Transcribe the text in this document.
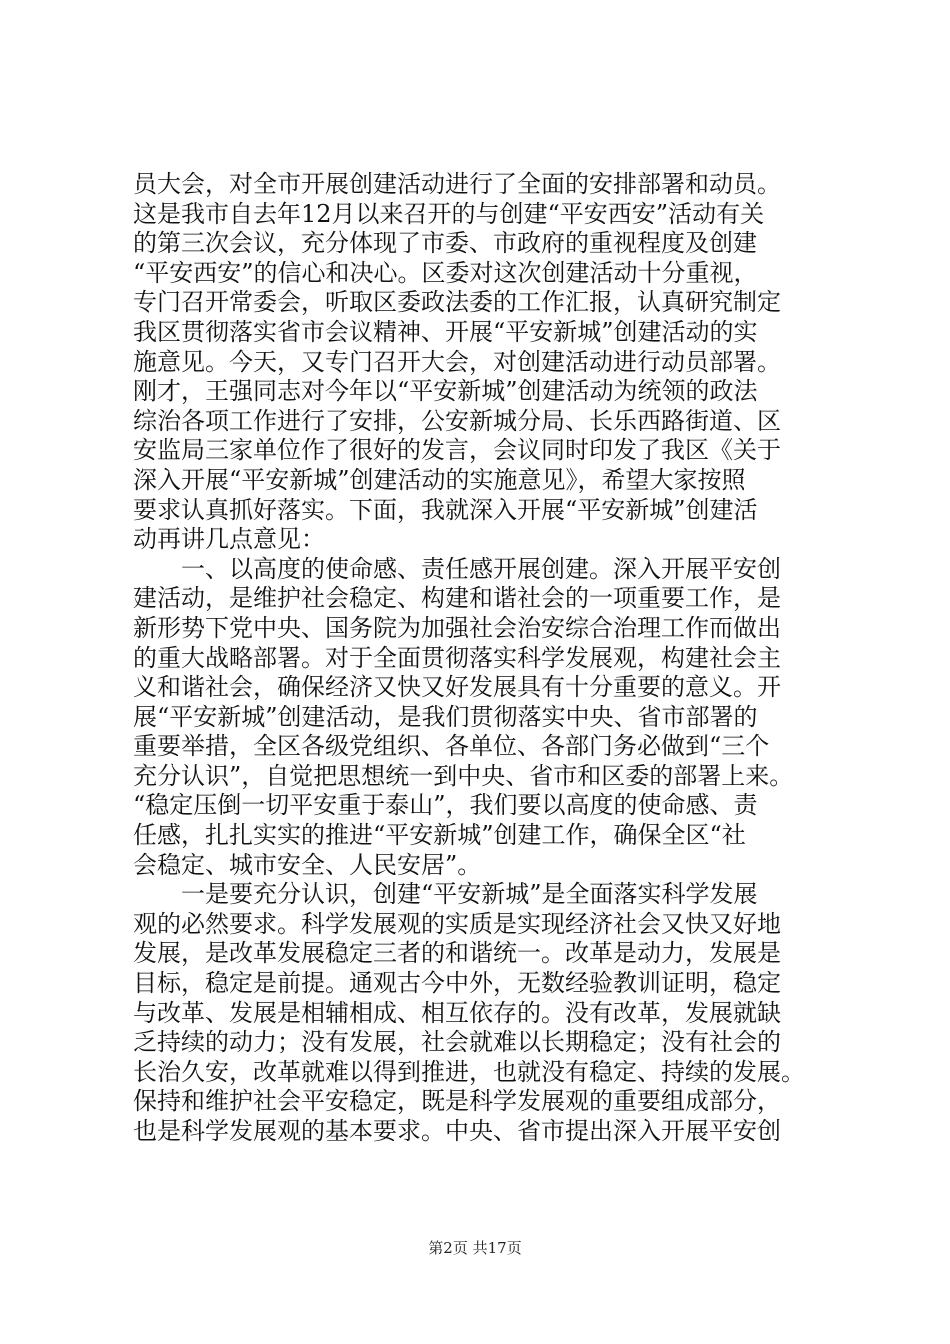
员大会，对全市开展创建活动进行了全面的安排部署和动员。
这是我市自去年12月以来召开的与创建“平安西安”活动有关
的第三次会议，充分体现了市委、市政府的重视程度及创建
“平安西安”的信心和决心。区委对这次创建活动十分重视，
专门召开常委会，听取区委政法委的工作汇报，认真研究制定
我区贯彻落实省市会议精神、开展“平安新城”创建活动的实
施意见。今天，又专门召开大会，对创建活动进行动员部署。
刚才，王强同志对今年以“平安新城”创建活动为统领的政法
综治各项工作进行了安排，公安新城分局、长乐西路街道、区
安监局三家单位作了很好的发言，会议同时印发了我区《关于
深入开展“平安新城”创建活动的实施意见》，希望大家按照
要求认真抓好落实。下面，我就深入开展“平安新城”创建活
动再讲几点意见：
　　一、以高度的使命感、责任感开展创建。深入开展平安创
建活动，是维护社会稳定、构建和谐社会的一项重要工作，是
新形势下党中央、国务院为加强社会治安综合治理工作而做出
的重大战略部署。对于全面贯彻落实科学发展观，构建社会主
义和谐社会，确保经济又快又好发展具有十分重要的意义。开
展“平安新城”创建活动，是我们贯彻落实中央、省市部署的
重要举措，全区各级党组织、各单位、各部门务必做到“三个
充分认识”，自觉把思想统一到中央、省市和区委的部署上来。
“稳定压倒一切平安重于泰山”，我们要以高度的使命感、责
任感，扎扎实实的推进“平安新城”创建工作，确保全区“社
会稳定、城市安全、人民安居”。
　　一是要充分认识，创建“平安新城”是全面落实科学发展
观的必然要求。科学发展观的实质是实现经济社会又快又好地
发展，是改革发展稳定三者的和谐统一。改革是动力，发展是
目标，稳定是前提。通观古今中外，无数经验教训证明，稳定
与改革、发展是相辅相成、相互依存的。没有改革，发展就缺
乏持续的动力；没有发展，社会就难以长期稳定；没有社会的
长治久安，改革就难以得到推进，也就没有稳定、持续的发展。
保持和维护社会平安稳定，既是科学发展观的重要组成部分，
也是科学发展观的基本要求。中央、省市提出深入开展平安创
第2页 共17页
